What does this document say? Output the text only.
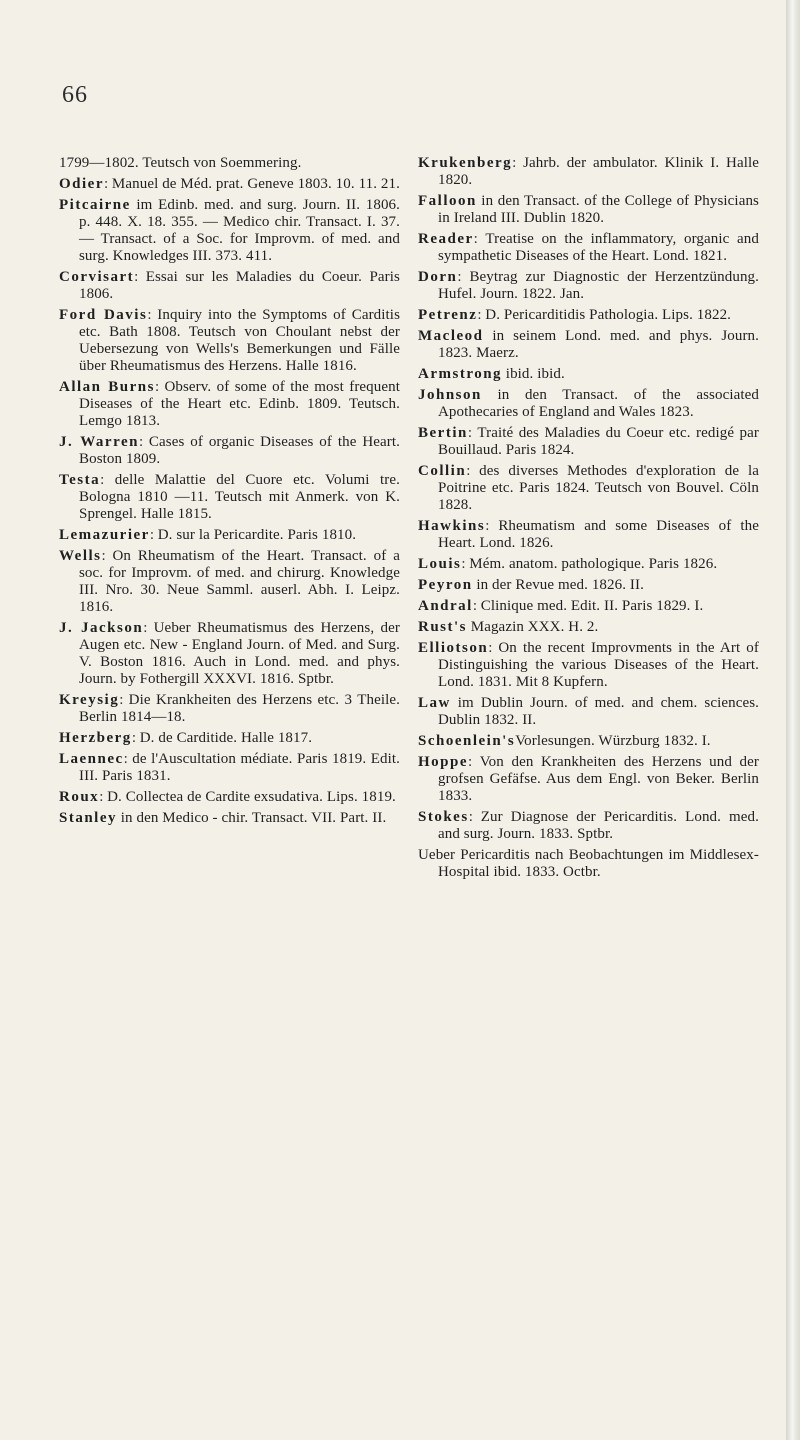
66

1799—1802. Teutsch von Soemmering.

Odier: Manuel de Méd. prat. Geneve 1803. 10. 11. 21.

Pitcairne im Edinb. med. and surg. Journ. II. 1806. p. 448. X. 18. 355. — Medico chir. Transact. I. 37. — Transact. of a Soc. for Improvm. of med. and surg. Knowledges III. 373. 411.

Corvisart: Essai sur les Maladies du Coeur. Paris 1806.

Ford Davis: Inquiry into the Symptoms of Carditis etc. Bath 1808. Teutsch von Choulant nebst der Uebersezung von Wells's Bemerkungen und Fälle über Rheumatismus des Herzens. Halle 1816.

Allan Burns: Observ. of some of the most frequent Diseases of the Heart etc. Edinb. 1809. Teutsch. Lemgo 1813.

J. Warren: Cases of organic Diseases of the Heart. Boston 1809.

Testa: delle Malattie del Cuore etc. Volumi tre. Bologna 1810 —11. Teutsch mit Anmerk. von K. Sprengel. Halle 1815.

Lemazurier: D. sur la Pericardite. Paris 1810.

Wells: On Rheumatism of the Heart. Transact. of a soc. for Improvm. of med. and chirurg. Knowledge III. Nro. 30. Neue Samml. auserl. Abh. I. Leipz. 1816.

J. Jackson: Ueber Rheumatismus des Herzens, der Augen etc. New - England Journ. of Med. and Surg. V. Boston 1816. Auch in Lond. med. and phys. Journ. by Fothergill XXXVI. 1816. Sptbr.

Kreysig: Die Krankheiten des Herzens etc. 3 Theile. Berlin 1814—18.

Herzberg: D. de Carditide. Halle 1817.

Laennec: de l'Auscultation médiate. Paris 1819. Edit. III. Paris 1831.

Roux: D. Collectea de Cardite exsudativa. Lips. 1819.

Stanley in den Medico - chir. Transact. VII. Part. II.

Krukenberg: Jahrb. der ambulator. Klinik I. Halle 1820.

Falloon in den Transact. of the College of Physicians in Ireland III. Dublin 1820.

Reader: Treatise on the inflammatory, organic and sympathetic Diseases of the Heart. Lond. 1821.

Dorn: Beytrag zur Diagnostic der Herzentzündung. Hufel. Journ. 1822. Jan.

Petrenz: D. Pericarditidis Pathologia. Lips. 1822.

Macleod in seinem Lond. med. and phys. Journ. 1823. Maerz.

Armstrong ibid. ibid.

Johnson in den Transact. of the associated Apothecaries of England and Wales 1823.

Bertin: Traité des Maladies du Coeur etc. redigé par Bouillaud. Paris 1824.

Collin: des diverses Methodes d'exploration de la Poitrine etc. Paris 1824. Teutsch von Bouvel. Cöln 1828.

Hawkins: Rheumatism and some Diseases of the Heart. Lond. 1826.

Louis: Mém. anatom. pathologique. Paris 1826.

Peyron in der Revue med. 1826. II.

Andral: Clinique med. Edit. II. Paris 1829. I.

Rust's Magazin XXX. H. 2.

Elliotson: On the recent Improvments in the Art of Distinguishing the various Diseases of the Heart. Lond. 1831. Mit 8 Kupfern.

Law im Dublin Journ. of med. and chem. sciences. Dublin 1832. II.

Schoenlein'sVorlesungen. Würzburg 1832. I.

Hoppe: Von den Krankheiten des Herzens und der grofsen Gefäfse. Aus dem Engl. von Beker. Berlin 1833.

Stokes: Zur Diagnose der Pericarditis. Lond. med. and surg. Journ. 1833. Sptbr.

Ueber Pericarditis nach Beobachtungen im Middlesex-Hospital ibid. 1833. Octbr.
